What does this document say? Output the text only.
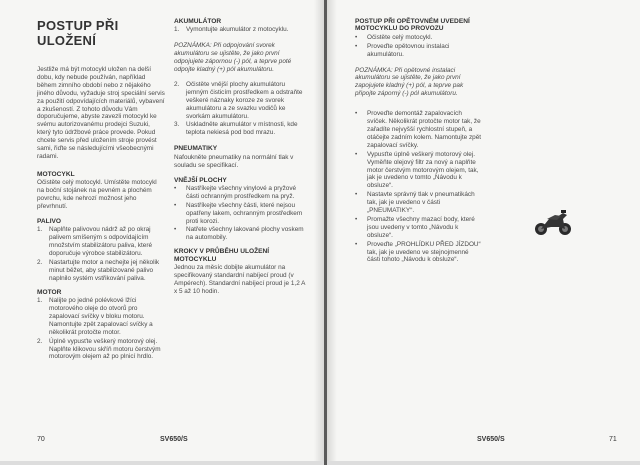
POSTUP PŘI ULOŽENÍ

Jestliže má být motocykl uložen na delší dobu, kdy nebude používán, například během zimního období nebo z nějakého jiného důvodu, vyžaduje stroj speciální servis za použití odpovídajících materiálů, vybavení a zkušeností. Z tohoto důvodu Vám doporučujeme, abyste zavezli motocykl ke svému autorizovanému prodejci Suzuki, který tyto údržbové práce provede. Pokud chcete servis před uložením stroje provést sami, řiďte se následujícími všeobecnými radami.

MOTOCYKL

Očistěte celý motocykl. Umístěte motocykl na boční stojánek na pevném a plochém povrchu, kde nehrozí možnost jeho převrhnutí.

PALIVO
1. Naplňte palivovou nádrž až po okraj palivem smíšeným s odpovídajícím množstvím stabilizátoru paliva, které doporučuje výrobce stabilizátoru.
2. Nastartujte motor a nechejte jej několik minut běžet, aby stabilizované palivo naplnilo systém vstřikování paliva.
MOTOR
1. Nalijte po jedné polévkové lžíci motorového oleje do otvorů pro zapalovací svíčky v bloku motoru. Namontujte zpět zapalovací svíčky a několikrát protočte motor.
2. Úplně vypusťte veškerý motorový olej. Naplňte klikovou skříň motoru čerstvým motorovým olejem až po plnicí hrdlo.
AKUMULÁTOR
1. Vymontujte akumulátor z motocyklu.

POZNÁMKA: Při odpojování svorek akumulátoru se ujistěte, že jako první odpojujete zápornou (-) pól, a teprve poté odpojte kladný (+) pól akumulátoru.

2. Očistěte vnější plochy akumulátoru jemným čisticím prostředkem a odstraňte veškeré náznaky koroze ze svorek akumulátoru a ze svazku vodičů ke svorkám akumulátoru.
3. Uskladněte akumulátor v místnosti, kde teplota nekiesá pod bod mrazu.
PNEUMATIKY

Nafoukněte pneumatiky na normální tlak v souladu se specifikací.

VNĚJŠÍ PLOCHY
• Nastříkejte všechny vinylové a pryžové části ochranným prostředkem na pryž.
• Nastříkejte všechny části, které nejsou opatřeny lakem, ochranným prostředkem proti korozi.
• Natřete všechny lakované plochy voskem na automobily.
KROKY V PRŮBĚHU ULOŽENÍ MOTOCYKLU

Jednou za měsíc dobijte akumulátor na specifikovaný standardní nabíjecí proud (v Ampérech). Standardní nabíjecí proud je 1,2 A x 5 až 10 hodin.

70	SV650/S
POSTUP PŘI OPĚTOVNÉM UVEDENÍ MOTOCYKLU DO PROVOZU
• Očistěte celý motocykl.
• Proveďte opětovnou instalaci akumulátoru.

POZNÁMKA: Při opětovné instalaci akumulátoru se ujistěte, že jako první zapojujete kladný (+) pól, a teprve pak připojte záporný (-) pól akumulátoru.

• Proveďte demontáž zapalovacích svíček. Několikrát protočte motor tak, že zařadíte nejvyšší rychlostní stupeň, a otáčejte zadním kolem. Namontujte zpět zapalovací svíčky.
• Vypusťte úplně veškerý motorový olej. Vyměňte olejový filtr za nový a naplňte motor čerstvým motorovým olejem, tak, jak je uvedeno v tomto „Návodu k obsluze“.
• Nastavte správný tlak v pneumatikách tak, jak je uvedeno v části „PNEUMATIKY“.
• Promažte všechny mazací body, které jsou uvedeny v tomto „Návodu k obsluze“.
• Proveďte „PROHLÍDKU PŘED JÍZDOU“ tak, jak je uvedeno ve stejnojmenné části tohoto „Návodu k obsluze“.
SV650/S	71
